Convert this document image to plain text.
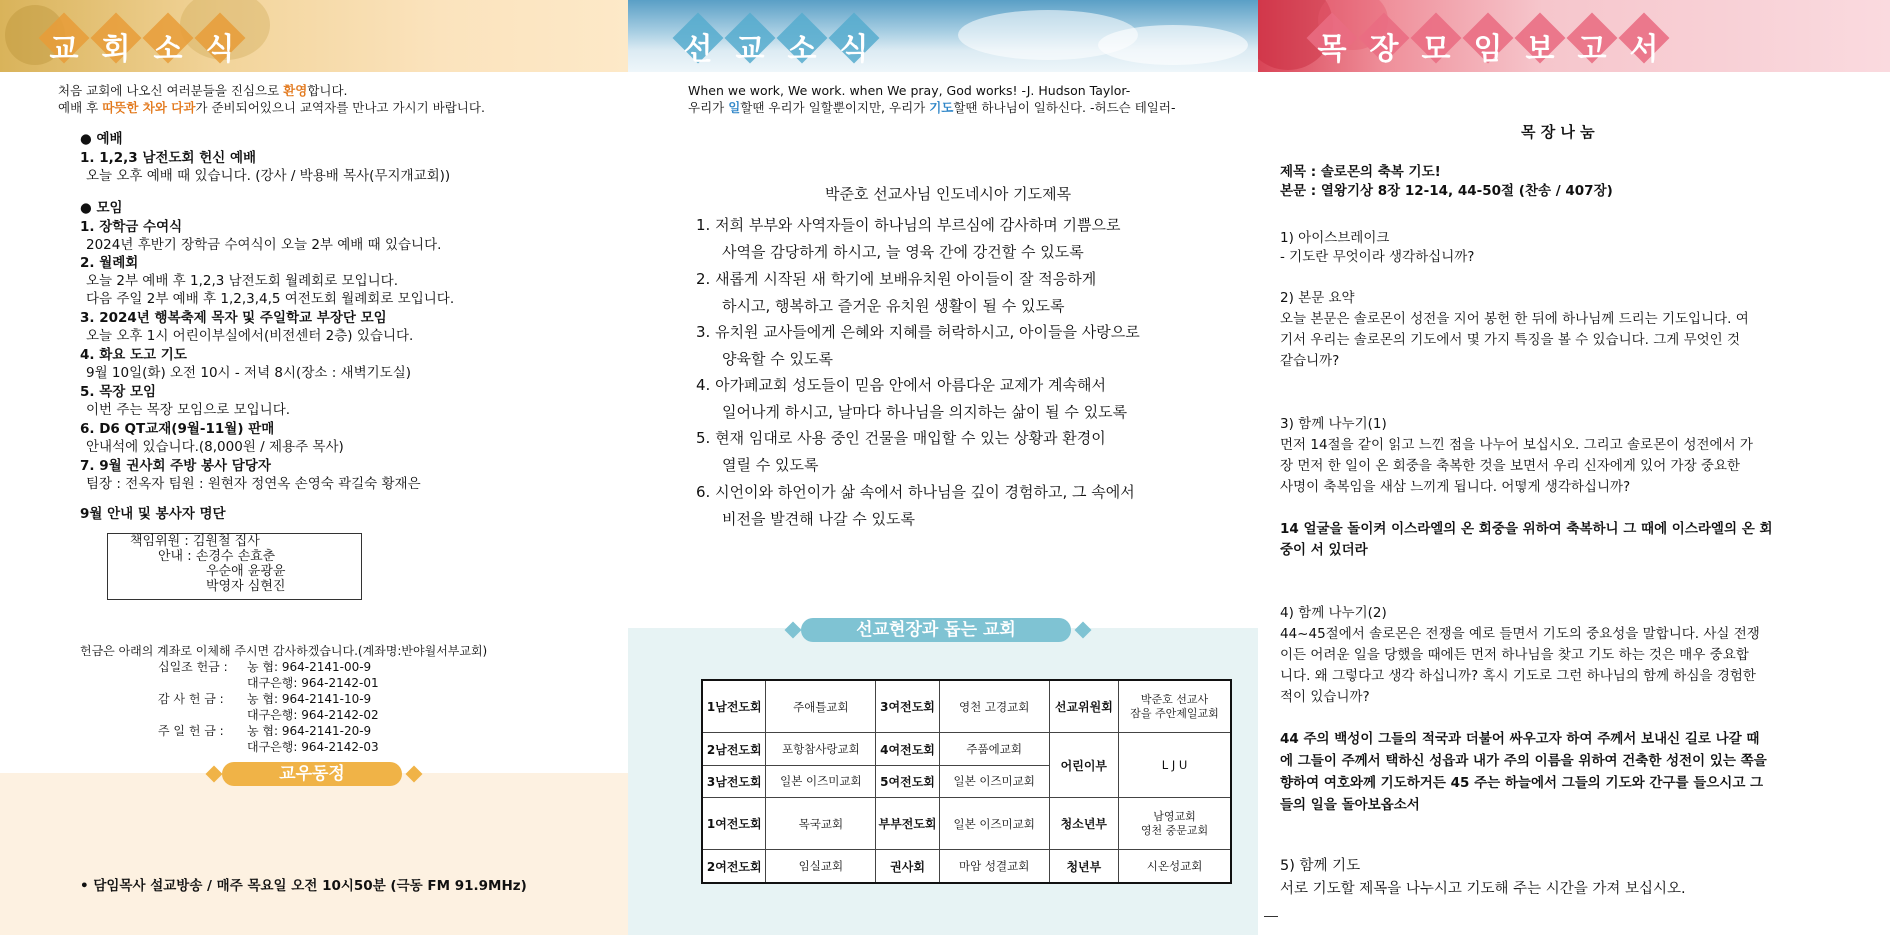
교 회 소 식
처음 교회에 나오신 여러분들을 진심으로 환영합니다.
예배 후 따뜻한 차와 다과가 준비되어있으니 교역자를 만나고 가시기 바랍니다.
● 예배
1. 1,2,3 남전도회 헌신 예배
오늘 오후 예배 때 있습니다. (강사 / 박용배 목사(무지개교회))
● 모임
1. 장학금 수여식
2024년 후반기 장학금 수여식이 오늘 2부 예배 때 있습니다.
2. 월례회
오늘 2부 예배 후 1,2,3 남전도회 월례회로 모입니다.
다음 주일 2부 예배 후 1,2,3,4,5 여전도회 월례회로 모입니다.
3. 2024년 행복축제 목자 및 주일학교 부장단 모임
오늘 오후 1시 어린이부실에서(비전센터 2층) 있습니다.
4. 화요 도고 기도
9월 10일(화) 오전 10시 - 저녁 8시(장소 : 새벽기도실)
5. 목장 모임
이번 주는 목장 모임으로 모입니다.
6. D6 QT교재(9월-11월) 판매
안내석에 있습니다.(8,000원 / 제용주 목사)
7. 9월 권사회 주방 봉사 담당자
팀장 : 전옥자 팀원 : 원현자 정연옥 손영숙 곽길숙 황재은
9월 안내 및 봉사자 명단
책임위원 : 김원철 집사
안내 : 손경수 손효춘
우순애 윤광윤
박영자 심현진
헌금은 아래의 계좌로 이체해 주시면 감사하겠습니다.(계좌명:반야월서부교회)
십일조 헌금 : 농 협: 964-2141-00-9
대구은행: 964-2142-01
감 사 헌 금 : 농 협: 964-2141-10-9
대구은행: 964-2142-02
주 일 헌 금 : 농 협: 964-2141-20-9
대구은행: 964-2142-03
교우동정
• 담임목사 설교방송 / 매주 목요일 오전 10시50분 (극동 FM 91.9MHz)
선 교 소 식
When we work, We work. when We pray, God works! -J. Hudson Taylor-
우리가 일할땐 우리가 일할뿐이지만, 우리가 기도할땐 하나님이 일하신다. -허드슨 테일러-
박준호 선교사님 인도네시아 기도제목
1. 저희 부부와 사역자들이 하나님의 부르심에 감사하며 기쁨으로
사역을 감당하게 하시고, 늘 영육 간에 강건할 수 있도록
2. 새롭게 시작된 새 학기에 보배유치원 아이들이 잘 적응하게
하시고, 행복하고 즐거운 유치원 생활이 될 수 있도록
3. 유치원 교사들에게 은혜와 지혜를 허락하시고, 아이들을 사랑으로
양육할 수 있도록
4. 아가페교회 성도들이 믿음 안에서 아름다운 교제가 계속해서
일어나게 하시고, 날마다 하나님을 의지하는 삶이 될 수 있도록
5. 현재 임대로 사용 중인 건물을 매입할 수 있는 상황과 환경이
열릴 수 있도록
6. 시언이와 하언이가 삶 속에서 하나님을 깊이 경험하고, 그 속에서
비전을 발견해 나갈 수 있도록
선교현장과 돕는 교회
1남전도회	주애틀교회	3여전도회	영천 고경교회	선교위원회	박준호 선교사
잠을 주안제일교회

2남전도회	포항참사랑교회	4여전도회	주품에교회	어린이부	L J U
3남전도회	일본 이즈미교회	5여전도회	일본 이즈미교회		
1여전도회	목국교회	부부전도회	일본 이즈미교회	청소년부	남영교회
영천 중문교회

2여전도회	임실교회	권사회	마암 성결교회	청년부	시온성교회
목 장 모 임 보 고 서
목 장 나 눔
제목 : 솔로몬의 축복 기도!
본문 : 열왕기상 8장 12-14, 44-50절 (찬송 / 407장)
1) 아이스브레이크
- 기도란 무엇이라 생각하십니까?
2) 본문 요약
오늘 본문은 솔로몬이 성전을 지어 봉헌 한 뒤에 하나님께 드리는 기도입니다. 여
기서 우리는 솔로몬의 기도에서 몇 가지 특징을 볼 수 있습니다. 그게 무엇인 것
같습니까?
3) 함께 나누기(1)
먼저 14절을 같이 읽고 느낀 점을 나누어 보십시오. 그리고 솔로몬이 성전에서 가
장 먼저 한 일이 온 회중을 축복한 것을 보면서 우리 신자에게 있어 가장 중요한
사명이 축복임을 새삼 느끼게 됩니다. 어떻게 생각하십니까?
14 얼굴을 돌이켜 이스라엘의 온 회중을 위하여 축복하니 그 때에 이스라엘의 온 회
중이 서 있더라
4) 함께 나누기(2)
44~45절에서 솔로몬은 전쟁을 예로 들면서 기도의 중요성을 말합니다. 사실 전쟁
이든 어려운 일을 당했을 때에든 먼저 하나님을 찾고 기도 하는 것은 매우 중요합
니다. 왜 그렇다고 생각 하십니까? 혹시 기도로 그런 하나님의 함께 하심을 경험한
적이 있습니까?
44 주의 백성이 그들의 적국과 더불어 싸우고자 하여 주께서 보내신 길로 나갈 때
에 그들이 주께서 택하신 성읍과 내가 주의 이름을 위하여 건축한 성전이 있는 쪽을
향하여 여호와께 기도하거든 45 주는 하늘에서 그들의 기도와 간구를 들으시고 그
들의 일을 돌아보옵소서
5) 함께 기도
서로 기도할 제목을 나누시고 기도해 주는 시간을 가져 보십시오.
